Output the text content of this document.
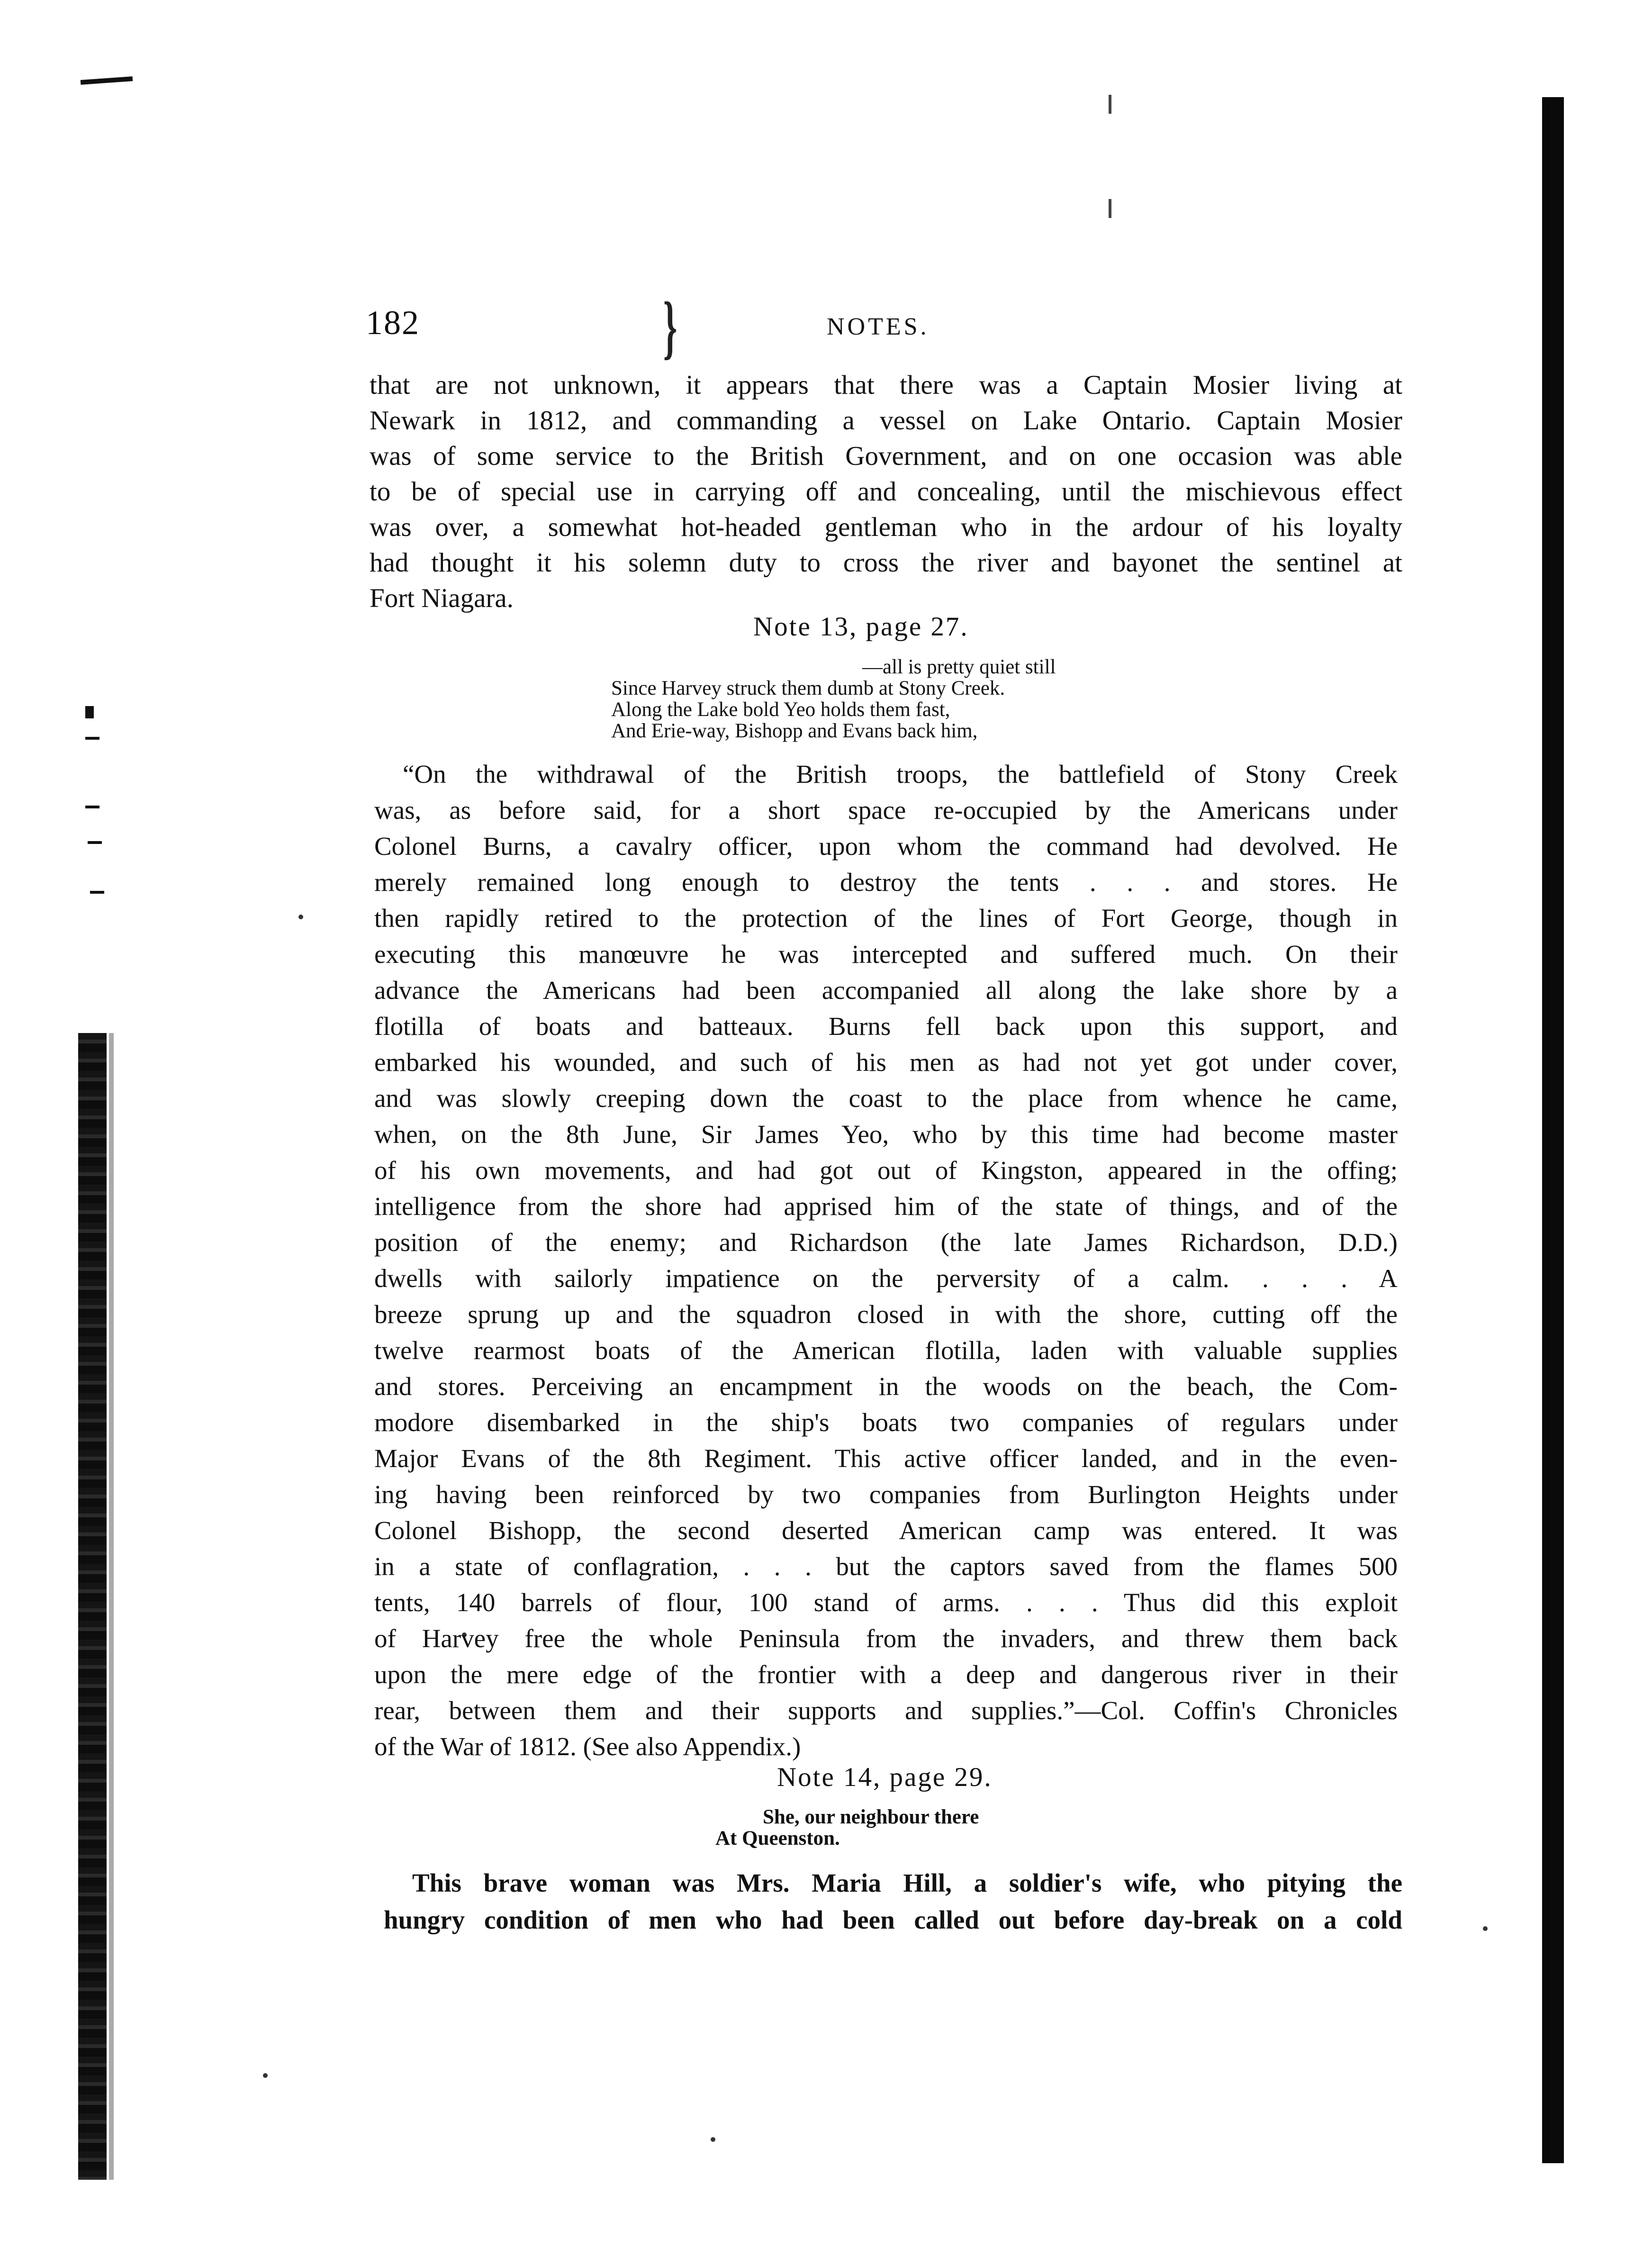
182	}	NOTES.
that are not unknown, it appears that there was a Captain Mosier living at
Newark in 1812, and commanding a vessel on Lake Ontario. Captain Mosier
was of some service to the British Government, and on one occasion was able
to be of special use in carrying off and concealing, until the mischievous effect
was over, a somewhat hot-headed gentleman who in the ardour of his loyalty
had thought it his solemn duty to cross the river and bayonet the sentinel at
Fort Niagara.
Note 13, page 27.
—all is pretty quiet still
Since Harvey struck them dumb at Stony Creek.
Along the Lake bold Yeo holds them fast,
And Erie-way, Bishopp and Evans back him,
“On the withdrawal of the British troops, the battlefield of Stony Creek
was, as before said, for a short space re-occupied by the Americans under
Colonel Burns, a cavalry officer, upon whom the command had devolved. He
merely remained long enough to destroy the tents . . . and stores. He
then rapidly retired to the protection of the lines of Fort George, though in
executing this manœuvre he was intercepted and suffered much. On their
advance the Americans had been accompanied all along the lake shore by a
flotilla of boats and batteaux. Burns fell back upon this support, and
embarked his wounded, and such of his men as had not yet got under cover,
and was slowly creeping down the coast to the place from whence he came,
when, on the 8th June, Sir James Yeo, who by this time had become master
of his own movements, and had got out of Kingston, appeared in the offing;
intelligence from the shore had apprised him of the state of things, and of the
position of the enemy; and Richardson (the late James Richardson, D.D.)
dwells with sailorly impatience on the perversity of a calm. . . . A
breeze sprung up and the squadron closed in with the shore, cutting off the
twelve rearmost boats of the American flotilla, laden with valuable supplies
and stores. Perceiving an encampment in the woods on the beach, the Com-
modore disembarked in the ship's boats two companies of regulars under
Major Evans of the 8th Regiment. This active officer landed, and in the even-
ing having been reinforced by two companies from Burlington Heights under
Colonel Bishopp, the second deserted American camp was entered. It was
in a state of conflagration, . . . but the captors saved from the flames 500
tents, 140 barrels of flour, 100 stand of arms. . . . Thus did this exploit
of Harvey free the whole Peninsula from the invaders, and threw them back
upon the mere edge of the frontier with a deep and dangerous river in their
rear, between them and their supports and supplies.”—Col. Coffin's Chronicles
of the War of 1812. (See also Appendix.)
Note 14, page 29.
She, our neighbour there
At Queenston.
This brave woman was Mrs. Maria Hill, a soldier's wife, who pitying the
hungry condition of men who had been called out before day-break on a cold
